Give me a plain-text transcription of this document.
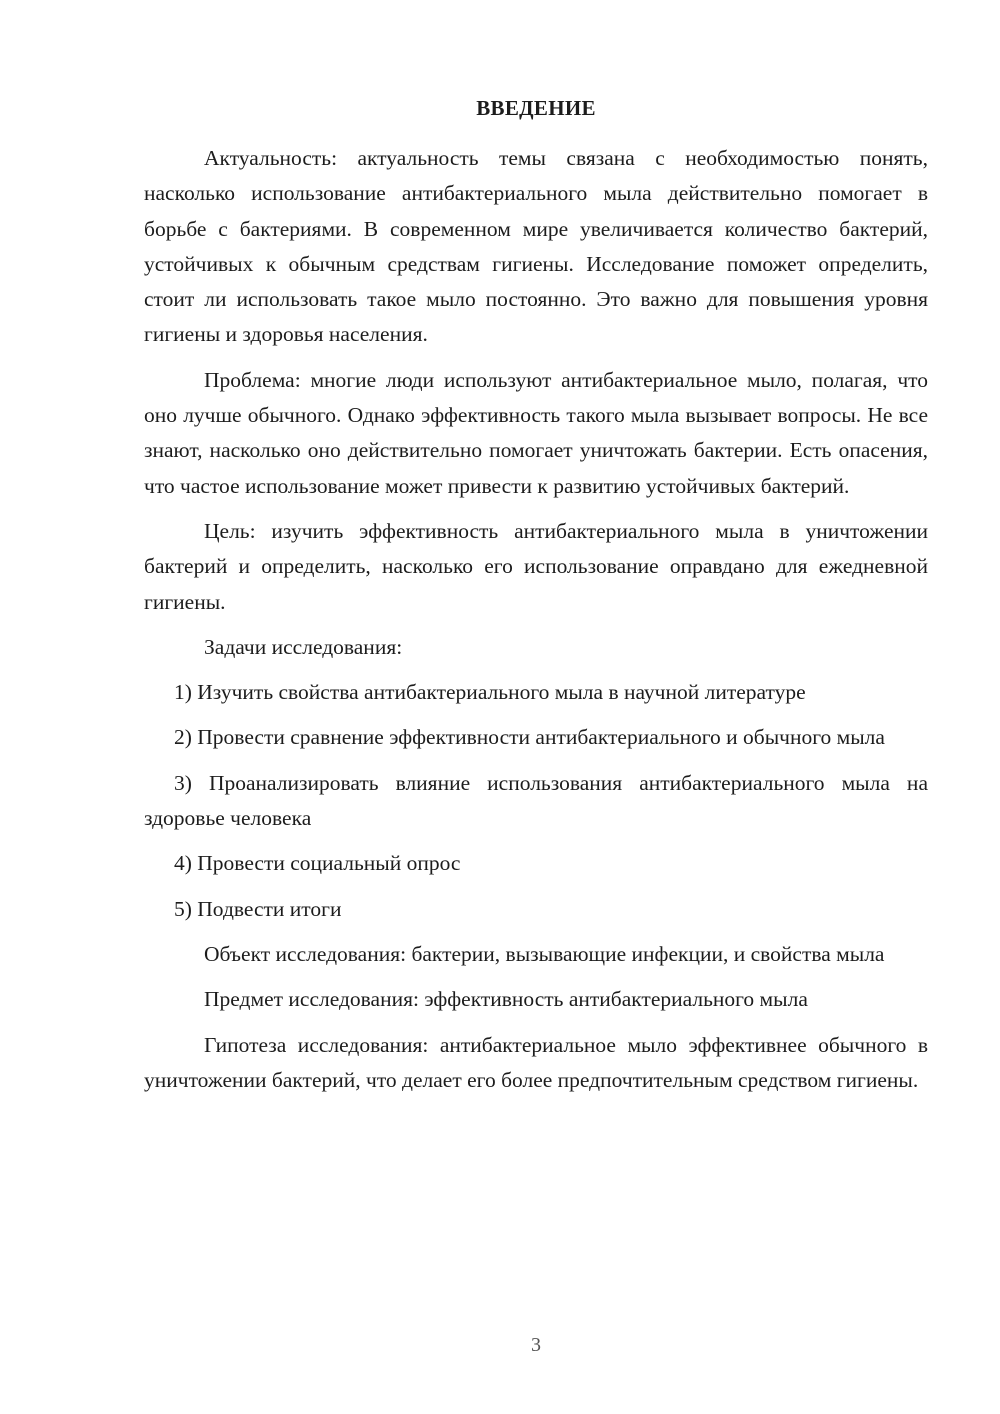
ВВЕДЕНИЕ

Актуальность: актуальность темы связана с необходимостью понять, насколько использование антибактериального мыла действительно помогает в борьбе с бактериями. В современном мире увеличивается количество бактерий, устойчивых к обычным средствам гигиены. Исследование поможет определить, стоит ли использовать такое мыло постоянно. Это важно для повышения уровня гигиены и здоровья населения.

Проблема: многие люди используют антибактериальное мыло, полагая, что оно лучше обычного. Однако эффективность такого мыла вызывает вопросы. Не все знают, насколько оно действительно помогает уничтожать бактерии. Есть опасения, что частое использование может привести к развитию устойчивых бактерий.

Цель: изучить эффективность антибактериального мыла в уничтожении бактерий и определить, насколько его использование оправдано для ежедневной гигиены.

Задачи исследования:

1) Изучить свойства антибактериального мыла в научной литературе

2) Провести сравнение эффективности антибактериального и обычного мыла

3) Проанализировать влияние использования антибактериального мыла на здоровье человека

4) Провести социальный опрос

5) Подвести итоги

Объект исследования: бактерии, вызывающие инфекции, и свойства мыла

Предмет исследования: эффективность антибактериального мыла

Гипотеза исследования: антибактериальное мыло эффективнее обычного в уничтожении бактерий, что делает его более предпочтительным средством гигиены.

3
